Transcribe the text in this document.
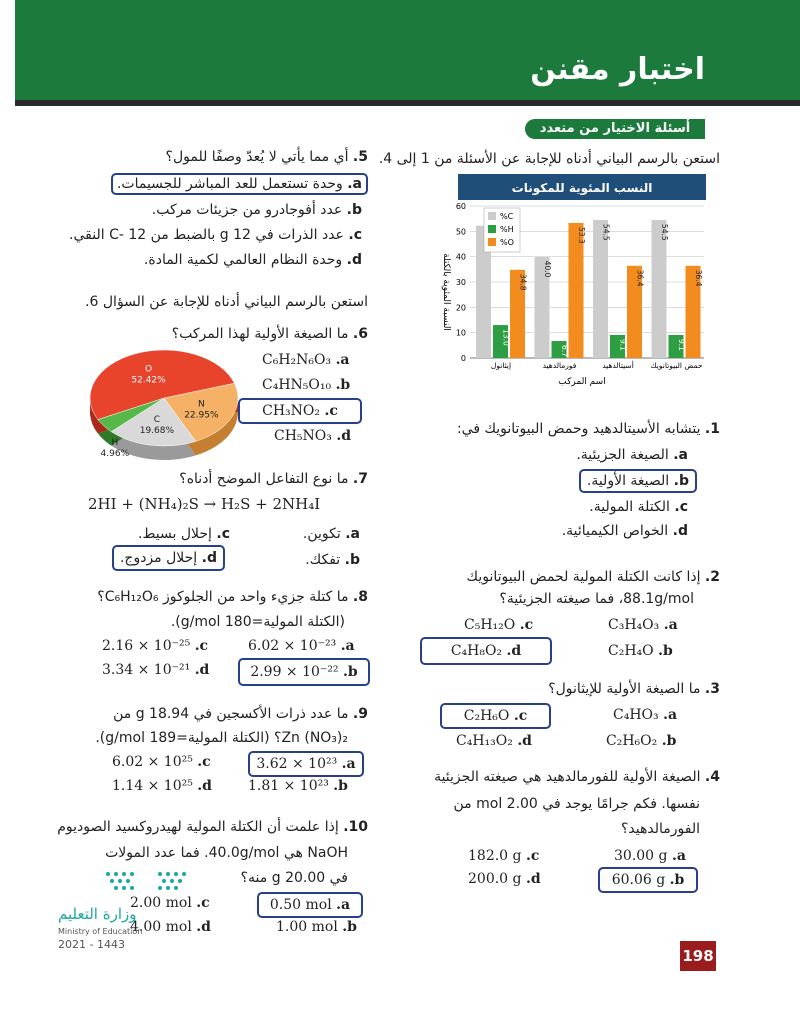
اختبار مقنن
أسئلة الاختيار من متعدد
استعن بالرسم البياني أدناه للإجابة عن الأسئلة من 1 إلى 4.
النسب المئوية للمكونات
0
10
20
30
40
50
60
13.0
34.8
إيثانول
40.0
6.7
53.3
فورمالدهيد
54.5
9.1
36.4
أسيتالدهيد
54.5
9.1
36.4
حمض البيوتانويك
%C
%H
%O
اسم المركب
النسبة المئوية بالكتلة
1. يتشابه الأسيتالدهيد وحمض البيوتانويك في:
a. الصيغة الجزيئية.
b. الصيغة الأولية.
c. الكتلة المولية.
d. الخواص الكيميائية.
2. إذا كانت الكتلة المولية لحمض البيوتانويك
88.1g/mol، فما صيغته الجزيئية؟
C₃H₄O₃ .a
C₅H₁₂O .c
C₂H₄O .b
C₄H₈O₂ .d
3. ما الصيغة الأولية للإيثانول؟
C₄HO₃ .a
C₂H₆O .c
C₂H₆O₂ .b
C₄H₁₃O₂ .d
4. الصيغة الأولية للفورمالدهيد هي صيغته الجزيئية
نفسها. فكم جرامًا يوجد في 2.00 mol من
الفورمالدهيد؟
30.00 g .a
182.0 g .c
60.06 g .b
200.0 g .d
5. أي مما يأتي لا يُعدّ وصفًا للمول؟
a. وحدة تستعمل للعد المباشر للجسيمات.
b. عدد أفوجادرو من جزيئات مركب.
c. عدد الذرات في 12 g بالضبط من C- 12 النقي.
d. وحدة النظام العالمي لكمية المادة.
استعن بالرسم البياني أدناه للإجابة عن السؤال 6.
6. ما الصيغة الأولية لهذا المركب؟
N
22.95%
C
19.68%
H
4.96%
O
52.42%
C₆H₂N₆O₃ .a
C₄HN₅O₁₀ .b
CH₃NO₂ .c
CH₅NO₃ .d
7. ما نوع التفاعل الموضح أدناه؟
2HI + (NH₄)₂S → H₂S + 2NH₄I
a. تكوين.
c. إحلال بسيط.
b. تفكك.
d. إحلال مزدوج.
8. ما كتلة جزيء واحد من الجلوكوز C₆H₁₂O₆؟
(الكتلة المولية=180 g/mol).
6.02 × 10⁻²³ .a
2.16 × 10⁻²⁵ .c
2.99 × 10⁻²² .b
3.34 × 10⁻²¹ .d
9. ما عدد ذرات الأكسجين في 18.94 g من
Zn (NO₃)₂؟ (الكتلة المولية=189 g/mol).
3.62 × 10²³ .a
6.02 × 10²⁵ .c
1.81 × 10²³ .b
1.14 × 10²⁵ .d
10. إذا علمت أن الكتلة المولية لهيدروكسيد الصوديوم
NaOH هي 40.0g/mol. فما عدد المولات
في 20.00 g منه؟
0.50 mol .a
2.00 mol .c
1.00 mol .b
4.00 mol .d
وزارة التعليم
Ministry of Education
2021 - 1443
198
